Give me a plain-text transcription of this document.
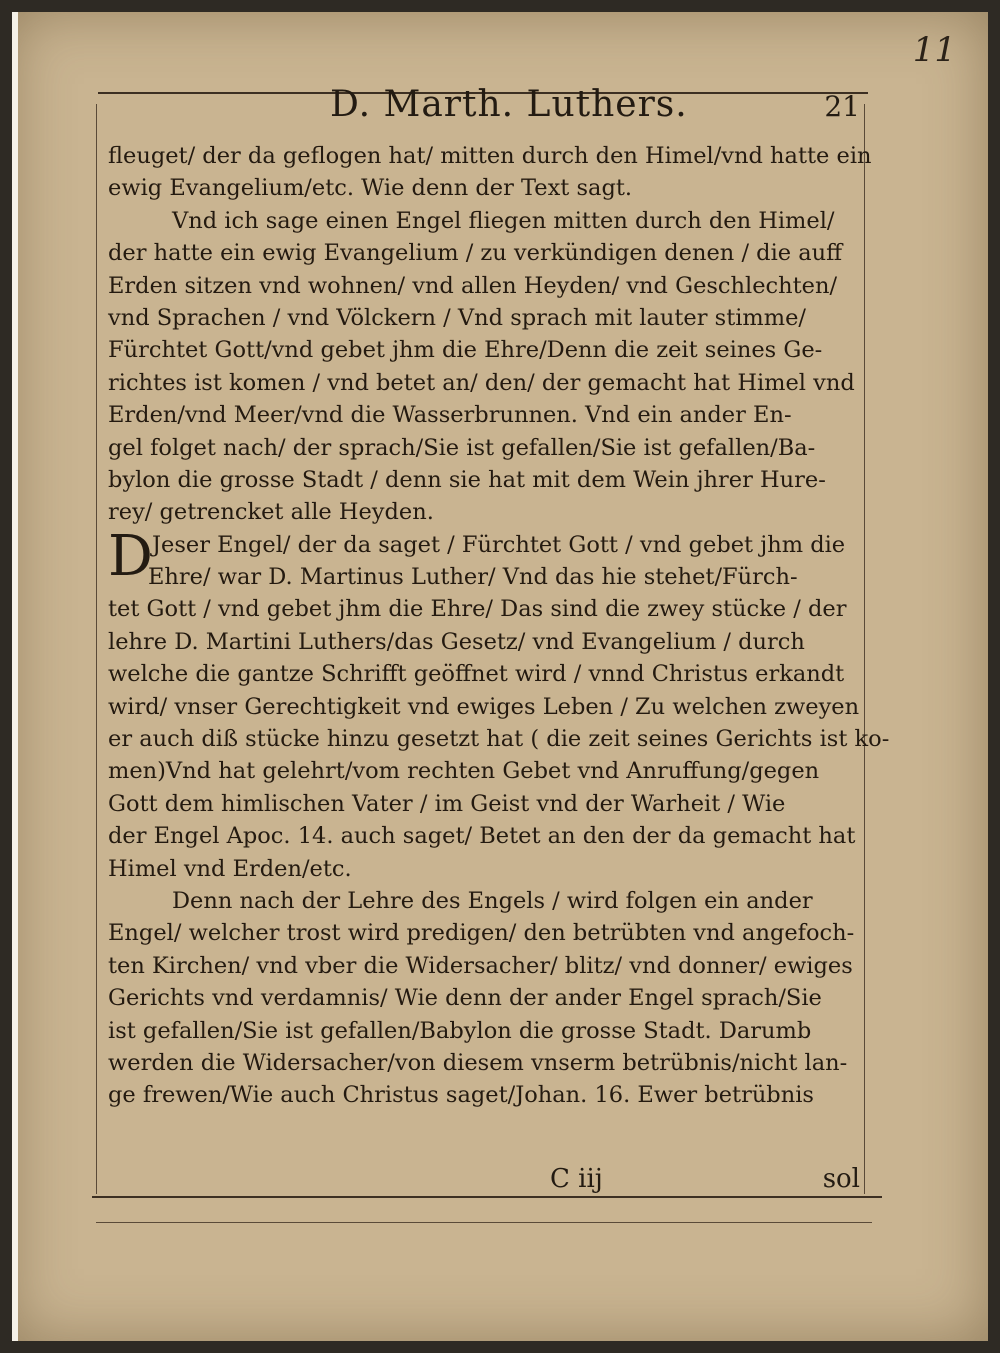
11
D. Marth. Luthers.	21
fleuget/ der da geflogen hat/ mitten durch den Himel/vnd hatte ein
ewig Evangelium/etc. Wie denn der Text sagt.
Vnd ich sage einen Engel fliegen mitten durch den Himel/
der hatte ein ewig Evangelium / zu verkündigen denen / die auff
Erden sitzen vnd wohnen/ vnd allen Heyden/ vnd Geschlechten/
vnd Sprachen / vnd Völckern / Vnd sprach mit lauter stimme/
Fürchtet Gott/vnd gebet jhm die Ehre/Denn die zeit seines Ge-
richtes ist komen / vnd betet an/ den/ der gemacht hat Himel vnd
Erden/vnd Meer/vnd die Wasserbrunnen. Vnd ein ander En-
gel folget nach/ der sprach/Sie ist gefallen/Sie ist gefallen/Ba-
bylon die grosse Stadt / denn sie hat mit dem Wein jhrer Hure-
rey/ getrencket alle Heyden.
D Jeser Engel/ der da saget / Fürchtet Gott / vnd gebet jhm die
Ehre/ war D. Martinus Luther/ Vnd das hie stehet/Fürch-
tet Gott / vnd gebet jhm die Ehre/ Das sind die zwey stücke / der
lehre D. Martini Luthers/das Gesetz/ vnd Evangelium / durch
welche die gantze Schrifft geöffnet wird / vnnd Christus erkandt
wird/ vnser Gerechtigkeit vnd ewiges Leben / Zu welchen zweyen
er auch diß stücke hinzu gesetzt hat ( die zeit seines Gerichts ist ko-
men)Vnd hat gelehrt/vom rechten Gebet vnd Anruffung/gegen
Gott dem himlischen Vater / im Geist vnd der Warheit / Wie
der Engel Apoc. 14. auch saget/ Betet an den der da gemacht hat
Himel vnd Erden/etc.
Denn nach der Lehre des Engels / wird folgen ein ander
Engel/ welcher trost wird predigen/ den betrübten vnd angefoch-
ten Kirchen/ vnd vber die Widersacher/ blitz/ vnd donner/ ewiges
Gerichts vnd verdamnis/ Wie denn der ander Engel sprach/Sie
ist gefallen/Sie ist gefallen/Babylon die grosse Stadt. Darumb
werden die Widersacher/von diesem vnserm betrübnis/nicht lan-
ge frewen/Wie auch Christus saget/Johan. 16. Ewer betrübnis
C iij	sol
